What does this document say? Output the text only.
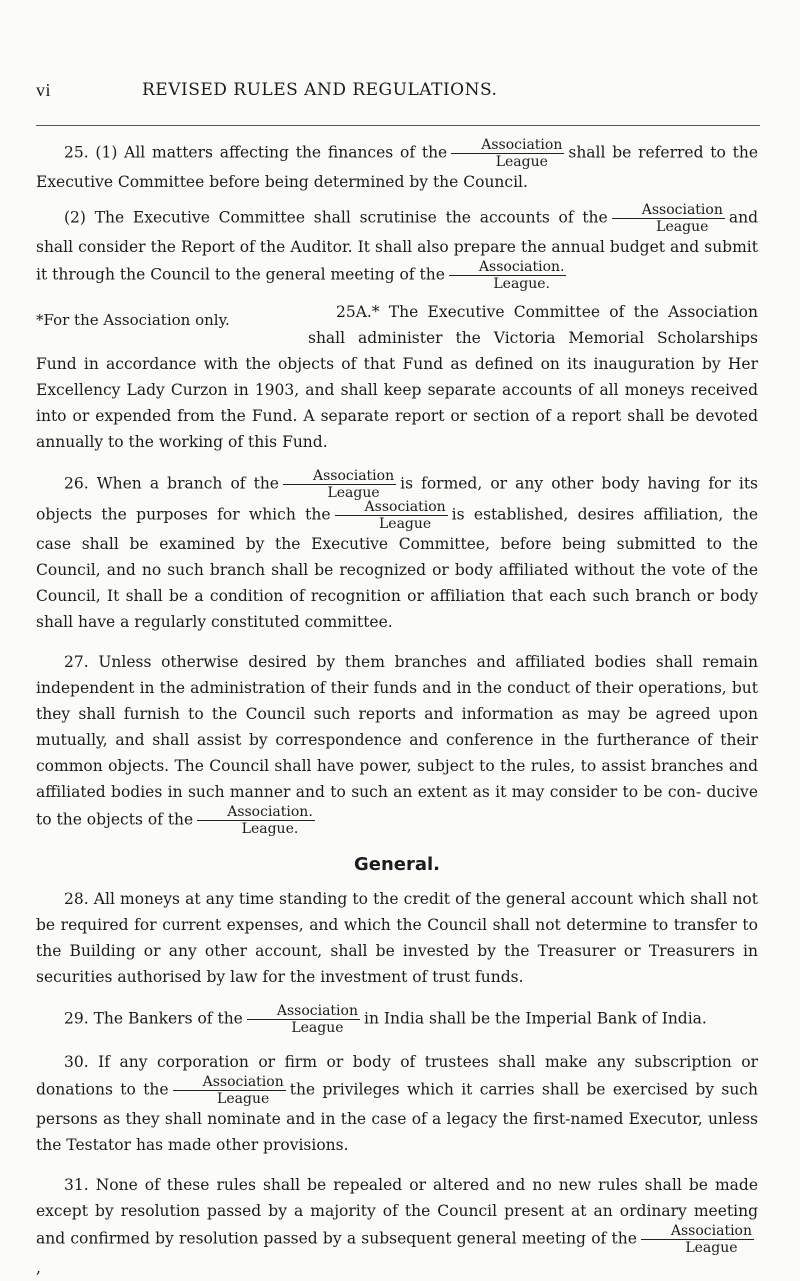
vi	REVISED RULES AND REGULATIONS.

25. (1) All matters affecting the finances of the $\frac{\text{Association}}{\text{League}}$ shall be referred to the Executive Committee before being determined by the Council.

(2) The Executive Committee shall scrutinise the accounts of the $\frac{\text{Association}}{\text{League}}$ and shall consider the Report of the Auditor. It shall also prepare the annual budget and submit it through the Council to the general meeting of the $\frac{\text{Association.}}{\text{League.}}$

*For the Association only.	25A.* The Executive Committee of the Association shall administer the Victoria Memorial Scholarships Fund in accordance with the objects of that Fund as defined on its inauguration by Her Excellency Lady Curzon in 1903, and shall keep separate accounts of all moneys received into or expended from the Fund. A separate report or section of a report shall be devoted annually to the working of this Fund.

26. When a branch of the $\frac{\text{Association}}{\text{League}}$ is formed, or any other body having for its objects the purposes for which the $\frac{\text{Association}}{\text{League}}$ is established, desires affiliation, the case shall be examined by the Executive Committee, before being submitted to the Council, and no such branch shall be recognized or body affiliated without the vote of the Council, It shall be a condition of recognition or affiliation that each such branch or body shall have a regularly constituted committee.

27. Unless otherwise desired by them branches and affiliated bodies shall remain independent in the administration of their funds and in the conduct of their operations, but they shall furnish to the Council such reports and information as may be agreed upon mutually, and shall assist by correspondence and conference in the furtherance of their common objects. The Council shall have power, subject to the rules, to assist branches and affiliated bodies in such manner and to such an extent as it may consider to be con- ducive to the objects of the $\frac{\text{Association.}}{\text{League.}}$

General.

28. All moneys at any time standing to the credit of the general account which shall not be required for current expenses, and which the Council shall not determine to transfer to the Building or any other account, shall be invested by the Treasurer or Treasurers in securities authorised by law for the investment of trust funds.

29. The Bankers of the $\frac{\text{Association}}{\text{League}}$ in India shall be the Imperial Bank of India.

30. If any corporation or firm or body of trustees shall make any subscription or donations to the $\frac{\text{Association}}{\text{League}}$ the privileges which it carries shall be exercised by such persons as they shall nominate and in the case of a legacy the first-named Executor, unless the Testator has made other provisions.

31. None of these rules shall be repealed or altered and no new rules shall be made except by resolution passed by a majority of the Council present at an ordinary meeting and confirmed by resolution passed by a subsequent general meeting of the $\frac{\text{Association}}{\text{League}}$
,
